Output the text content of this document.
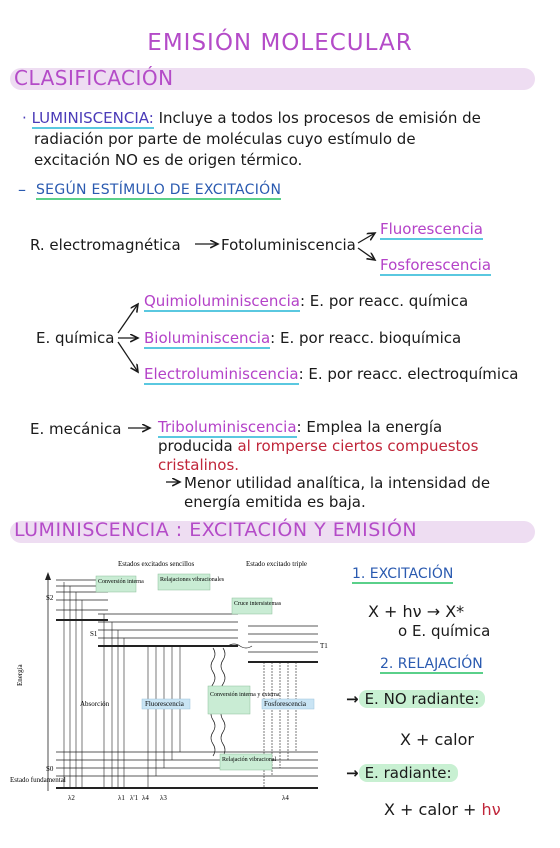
EMISIÓN MOLECULAR
CLASIFICACIÓN
· LUMINISCENCIA: Incluye a todos los procesos de emisión de
radiación por parte de moléculas cuyo estímulo de
excitación NO es de origen térmico.
– SEGÚN ESTÍMULO DE EXCITACIÓN
R. electromagnética	Fotoluminiscencia
Fluorescencia
Fosforescencia
E. química
Quimioluminiscencia: E. por reacc. química
Bioluminiscencia: E. por reacc. bioquímica
Electroluminiscencia: E. por reacc. electroquímica
E. mecánica Triboluminiscencia: Emplea la energía
producida al romperse ciertos compuestos
cristalinos.
Menor utilidad analítica, la intensidad de
energía emitida es baja.
LUMINISCENCIA : EXCITACIÓN Y EMISIÓN
Estados excitados sencillos	Estado excitado triple
S2
S1
T1
S0
Energía
Absorción	Fluorescencia	Fosforescencia
Conversión interna	Relajaciones vibracionales
Cruce intersistemas
Conversión interna y externa
Relajación vibracional
Estado fundamental
λ2	λ1 λ'1 λ4 λ3	λ4
1. EXCITACIÓN
X + hν → X*
o E. química
2. RELAJACIÓN
→ E. NO radiante:
X + calor
→ E. radiante:
X + calor + hν
